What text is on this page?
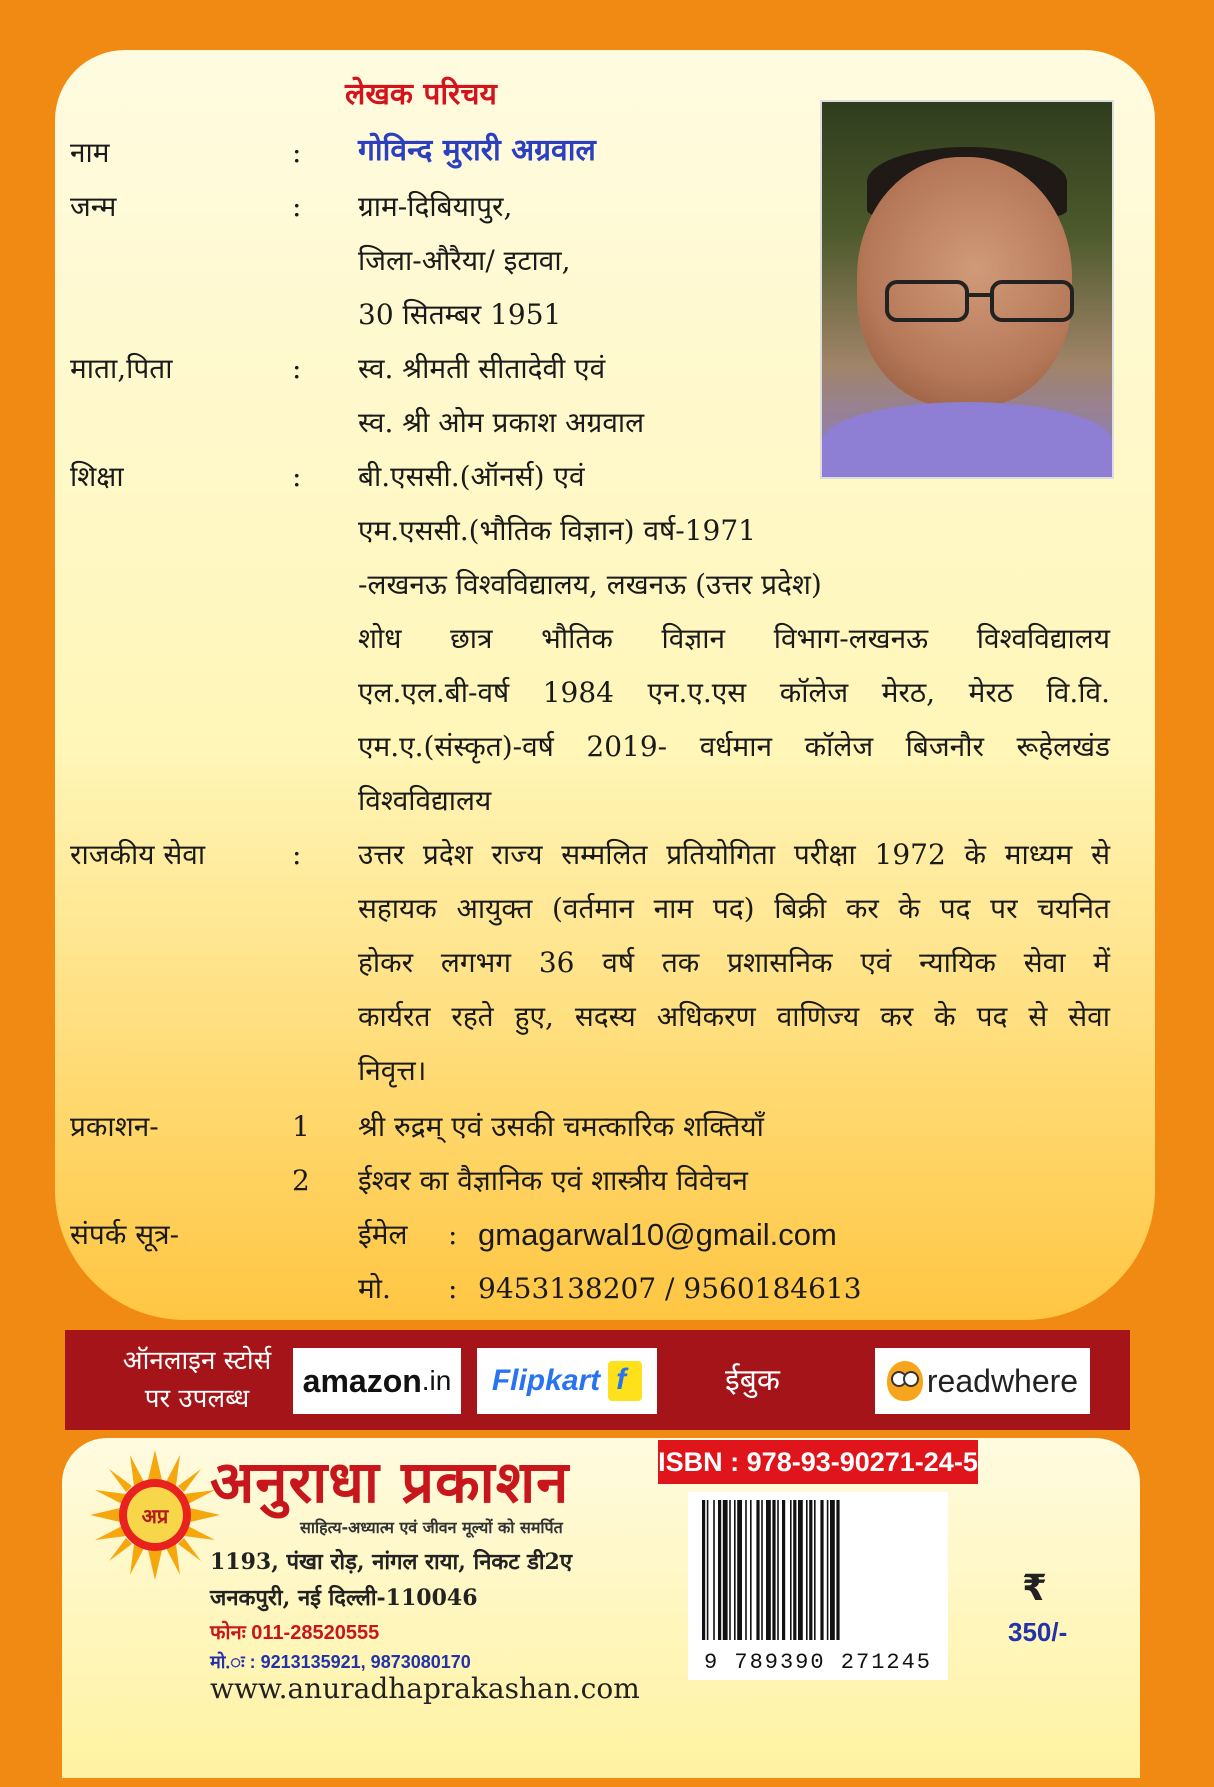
लेखक परिचय
नाम	: गोविन्द मुरारी अग्रवाल
जन्म	: ग्राम-दिबियापुर,
जिला-औरैया/ इटावा,
30 सितम्बर 1951
माता,पिता	: स्व. श्रीमती सीतादेवी एवं
स्व. श्री ओम प्रकाश अग्रवाल
शिक्षा	: बी.एससी.(ऑनर्स) एवं
एम.एससी.(भौतिक विज्ञान) वर्ष-1971
-लखनऊ विश्वविद्यालय, लखनऊ (उत्तर प्रदेश)
शोध छात्र भौतिक विज्ञान विभाग-लखनऊ विश्वविद्यालय
एल.एल.बी-वर्ष 1984 एन.ए.एस कॉलेज मेरठ, मेरठ वि.वि.
एम.ए.(संस्कृत)-वर्ष 2019- वर्धमान कॉलेज बिजनौर रूहेलखंड
विश्वविद्यालय
राजकीय सेवा	: उत्तर प्रदेश राज्य सम्मलित प्रतियोगिता परीक्षा 1972 के माध्यम से
सहायक आयुक्त (वर्तमान नाम पद) बिक्री कर के पद पर चयनित
होकर लगभग 36 वर्ष तक प्रशासनिक एवं न्यायिक सेवा में
कार्यरत रहते हुए, सदस्य अधिकरण वाणिज्य कर के पद से सेवा
निवृत्त।
प्रकाशन-	1 श्री रुद्रम् एवं उसकी चमत्कारिक शक्तियाँ
2 ईश्वर का वैज्ञानिक एवं शास्त्रीय विवेचन
संपर्क सूत्र-	ईमेल : gmagarwal10@gmail.com
मो. : 9453138207 / 9560184613
ऑनलाइन स्टोर्स
पर उपलब्ध
amazon .in Flipkart
f	ईबुक	readwhere
अप्र अनुराधा प्रकाशन
साहित्य-अध्यात्म एवं जीवन मूल्यों को समर्पित
1193, पंखा रोड़, नांगल राया, निकट डी2ए
जनकपुरी, नई दिल्ली-110046
फोनः 011-28520555
मो.ः : 9213135921, 9873080170
www.anuradhaprakashan.com
ISBN : 978-93-90271-24-5
9 789390 271245
₹
350/-
